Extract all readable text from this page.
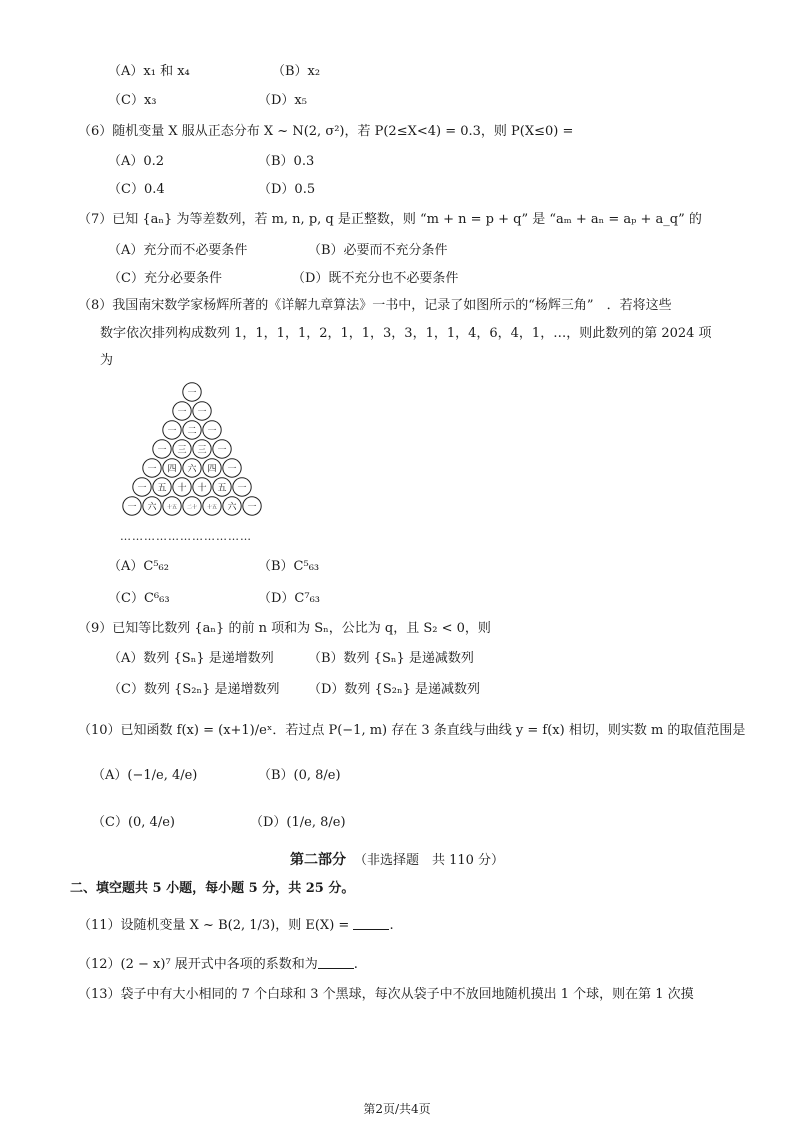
（A）x₁ 和 x₄	（B）x₂
（C）x₃	（D）x₅
（6）随机变量 X 服从正态分布 X ~ N(2, σ²)，若 P(2≤X<4) = 0.3，则 P(X≤0) =
（A）0.2	（B）0.3
（C）0.4	（D）0.5
（7）已知 {aₙ} 为等差数列，若 m, n, p, q 是正整数，则 “m + n = p + q” 是 “aₘ + aₙ = aₚ + a_q” 的
（A）充分而不必要条件	（B）必要而不充分条件
（C）充分必要条件	（D）既不充分也不必要条件
（8）我国南宋数学家杨辉所著的《详解九章算法》一书中，记录了如图所示的“杨辉三角”　．若将这些
数字依次排列构成数列 1，1，1，1，2，1，1，3，3，1，1，4，6，4，1，…，则此数列的第 2024 项
为
一
一 一
一 二 一
一 三 三 一
一 四 六 四 一
一 五 十 十 五 一
一 六 十五 二十 十五 六 一
……………………………
（A）C⁵₆₂	（B）C⁵₆₃
（C）C⁶₆₃	（D）C⁷₆₃
（9）已知等比数列 {aₙ} 的前 n 项和为 Sₙ，公比为 q，且 S₂ < 0，则
（A）数列 {Sₙ} 是递增数列	（B）数列 {Sₙ} 是递减数列
（C）数列 {S₂ₙ} 是递增数列 （D）数列 {S₂ₙ} 是递减数列
（10）已知函数 f(x) = (x+1)/eˣ．若过点 P(−1, m) 存在 3 条直线与曲线 y = f(x) 相切，则实数 m 的取值范围是
（A）(−1/e, 4/e)	（B）(0, 8/e)
（C）(0, 4/e)	（D）(1/e, 8/e)
第二部分 （非选择题　共 110 分）
二、填空题共 5 小题，每小题 5 分，共 25 分。
（11）设随机变量 X ~ B(2, 1/3)，则 E(X) =	.
（12）(2 − x)⁷ 展开式中各项的系数和为	.
（13）袋子中有大小相同的 7 个白球和 3 个黑球，每次从袋子中不放回地随机摸出 1 个球，则在第 1 次摸
第2页/共4页
